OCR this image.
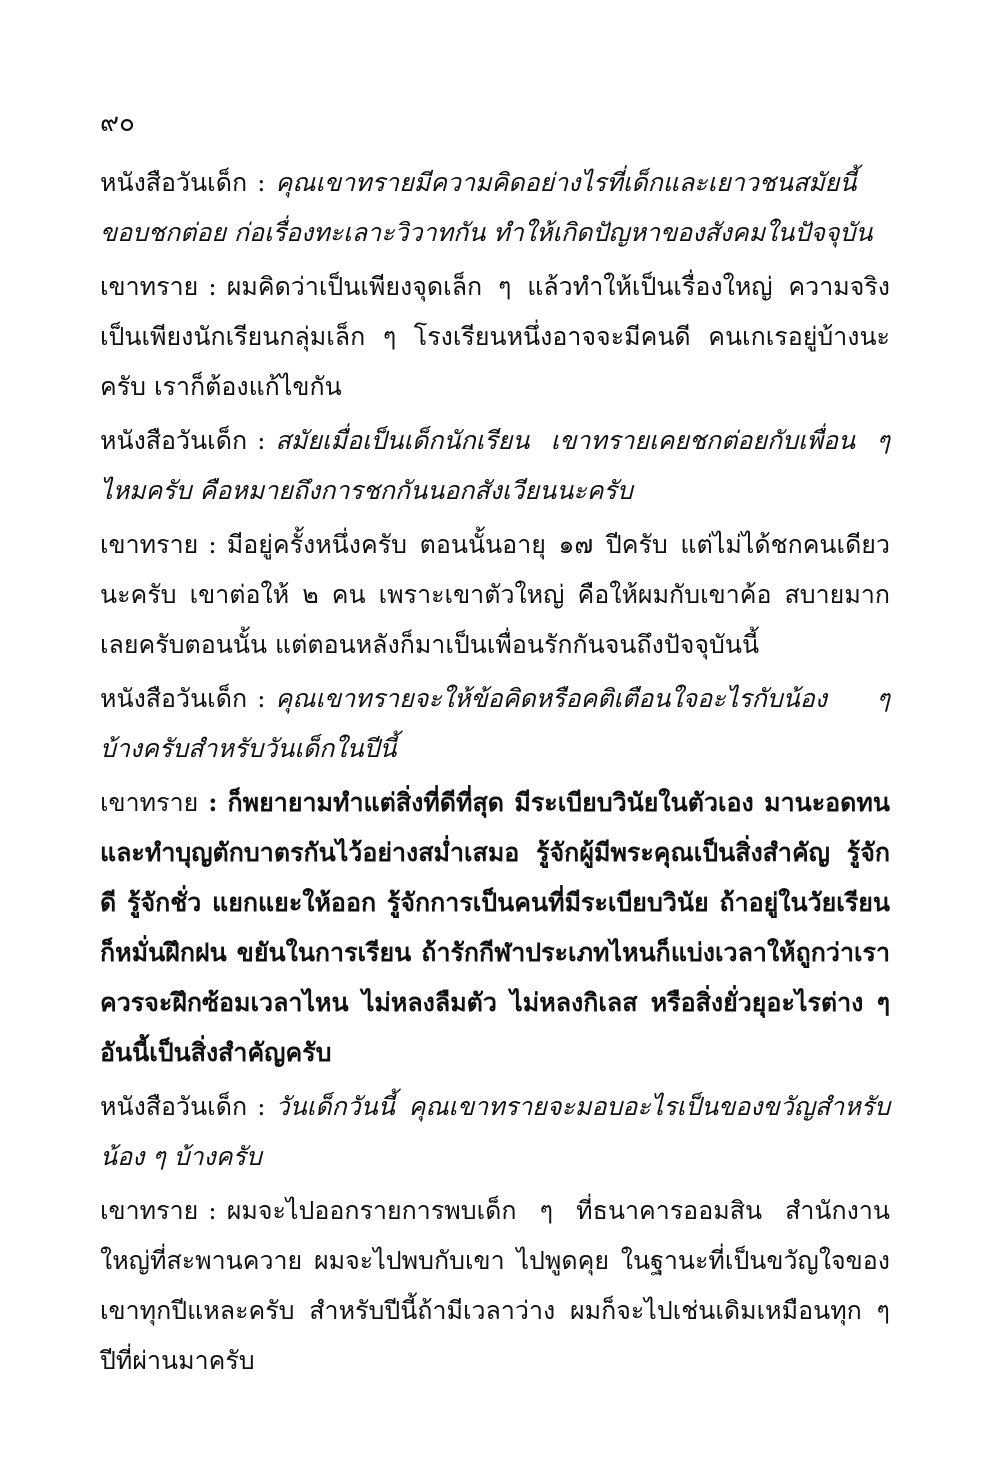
๙๐

หนังสือวันเด็ก : คุณเขาทรายมีความคิดอย่างไรที่เด็กและเยาวชนสมัยนี้ ขอบชกต่อย ก่อเรื่องทะเลาะวิวาทกัน ทำให้เกิดปัญหาของสังคมในปัจจุบัน

เขาทราย : ผมคิดว่าเป็นเพียงจุดเล็ก ๆ แล้วทำให้เป็นเรื่องใหญ่ ความจริงเป็นเพียงนักเรียนกลุ่มเล็ก ๆ โรงเรียนหนึ่งอาจจะมีคนดี คนเกเรอยู่บ้างนะครับ เราก็ต้องแก้ไขกัน

หนังสือวันเด็ก : สมัยเมื่อเป็นเด็กนักเรียน เขาทรายเคยชกต่อยกับเพื่อน ๆ ไหมครับ คือหมายถึงการชกกันนอกสังเวียนนะครับ

เขาทราย : มีอยู่ครั้งหนึ่งครับ ตอนนั้นอายุ ๑๗ ปีครับ แต่ไม่ได้ชกคนเดียวนะครับ เขาต่อให้ ๒ คน เพราะเขาตัวใหญ่ คือให้ผมกับเขาค้อ สบายมากเลยครับตอนนั้น แต่ตอนหลังก็มาเป็นเพื่อนรักกันจนถึงปัจจุบันนี้

หนังสือวันเด็ก : คุณเขาทรายจะให้ข้อคิดหรือคติเตือนใจอะไรกับน้อง ๆ บ้างครับสำหรับวันเด็กในปีนี้

เขาทราย : ก็พยายามทำแต่สิ่งที่ดีที่สุด มีระเบียบวินัยในตัวเอง มานะอดทน และทำบุญตักบาตรกันไว้อย่างสม่ำเสมอ รู้จักผู้มีพระคุณเป็นสิ่งสำคัญ รู้จักดี รู้จักชั่ว แยกแยะให้ออก รู้จักการเป็นคนที่มีระเบียบวินัย ถ้าอยู่ในวัยเรียนก็หมั่นฝึกฝน ขยันในการเรียน ถ้ารักกีฬาประเภทไหนก็แบ่งเวลาให้ถูกว่าเราควรจะฝึกซ้อมเวลาไหน ไม่หลงลืมตัว ไม่หลงกิเลส หรือสิ่งยั่วยุอะไรต่าง ๆ อันนี้เป็นสิ่งสำคัญครับ

หนังสือวันเด็ก : วันเด็กวันนี้ คุณเขาทรายจะมอบอะไรเป็นของขวัญสำหรับน้อง ๆ บ้างครับ

เขาทราย : ผมจะไปออกรายการพบเด็ก ๆ ที่ธนาคารออมสิน สำนักงานใหญ่ที่สะพานควาย ผมจะไปพบกับเขา ไปพูดคุย ในฐานะที่เป็นขวัญใจของเขาทุกปีแหละครับ สำหรับปีนี้ถ้ามีเวลาว่าง ผมก็จะไปเช่นเดิมเหมือนทุก ๆ ปีที่ผ่านมาครับ
